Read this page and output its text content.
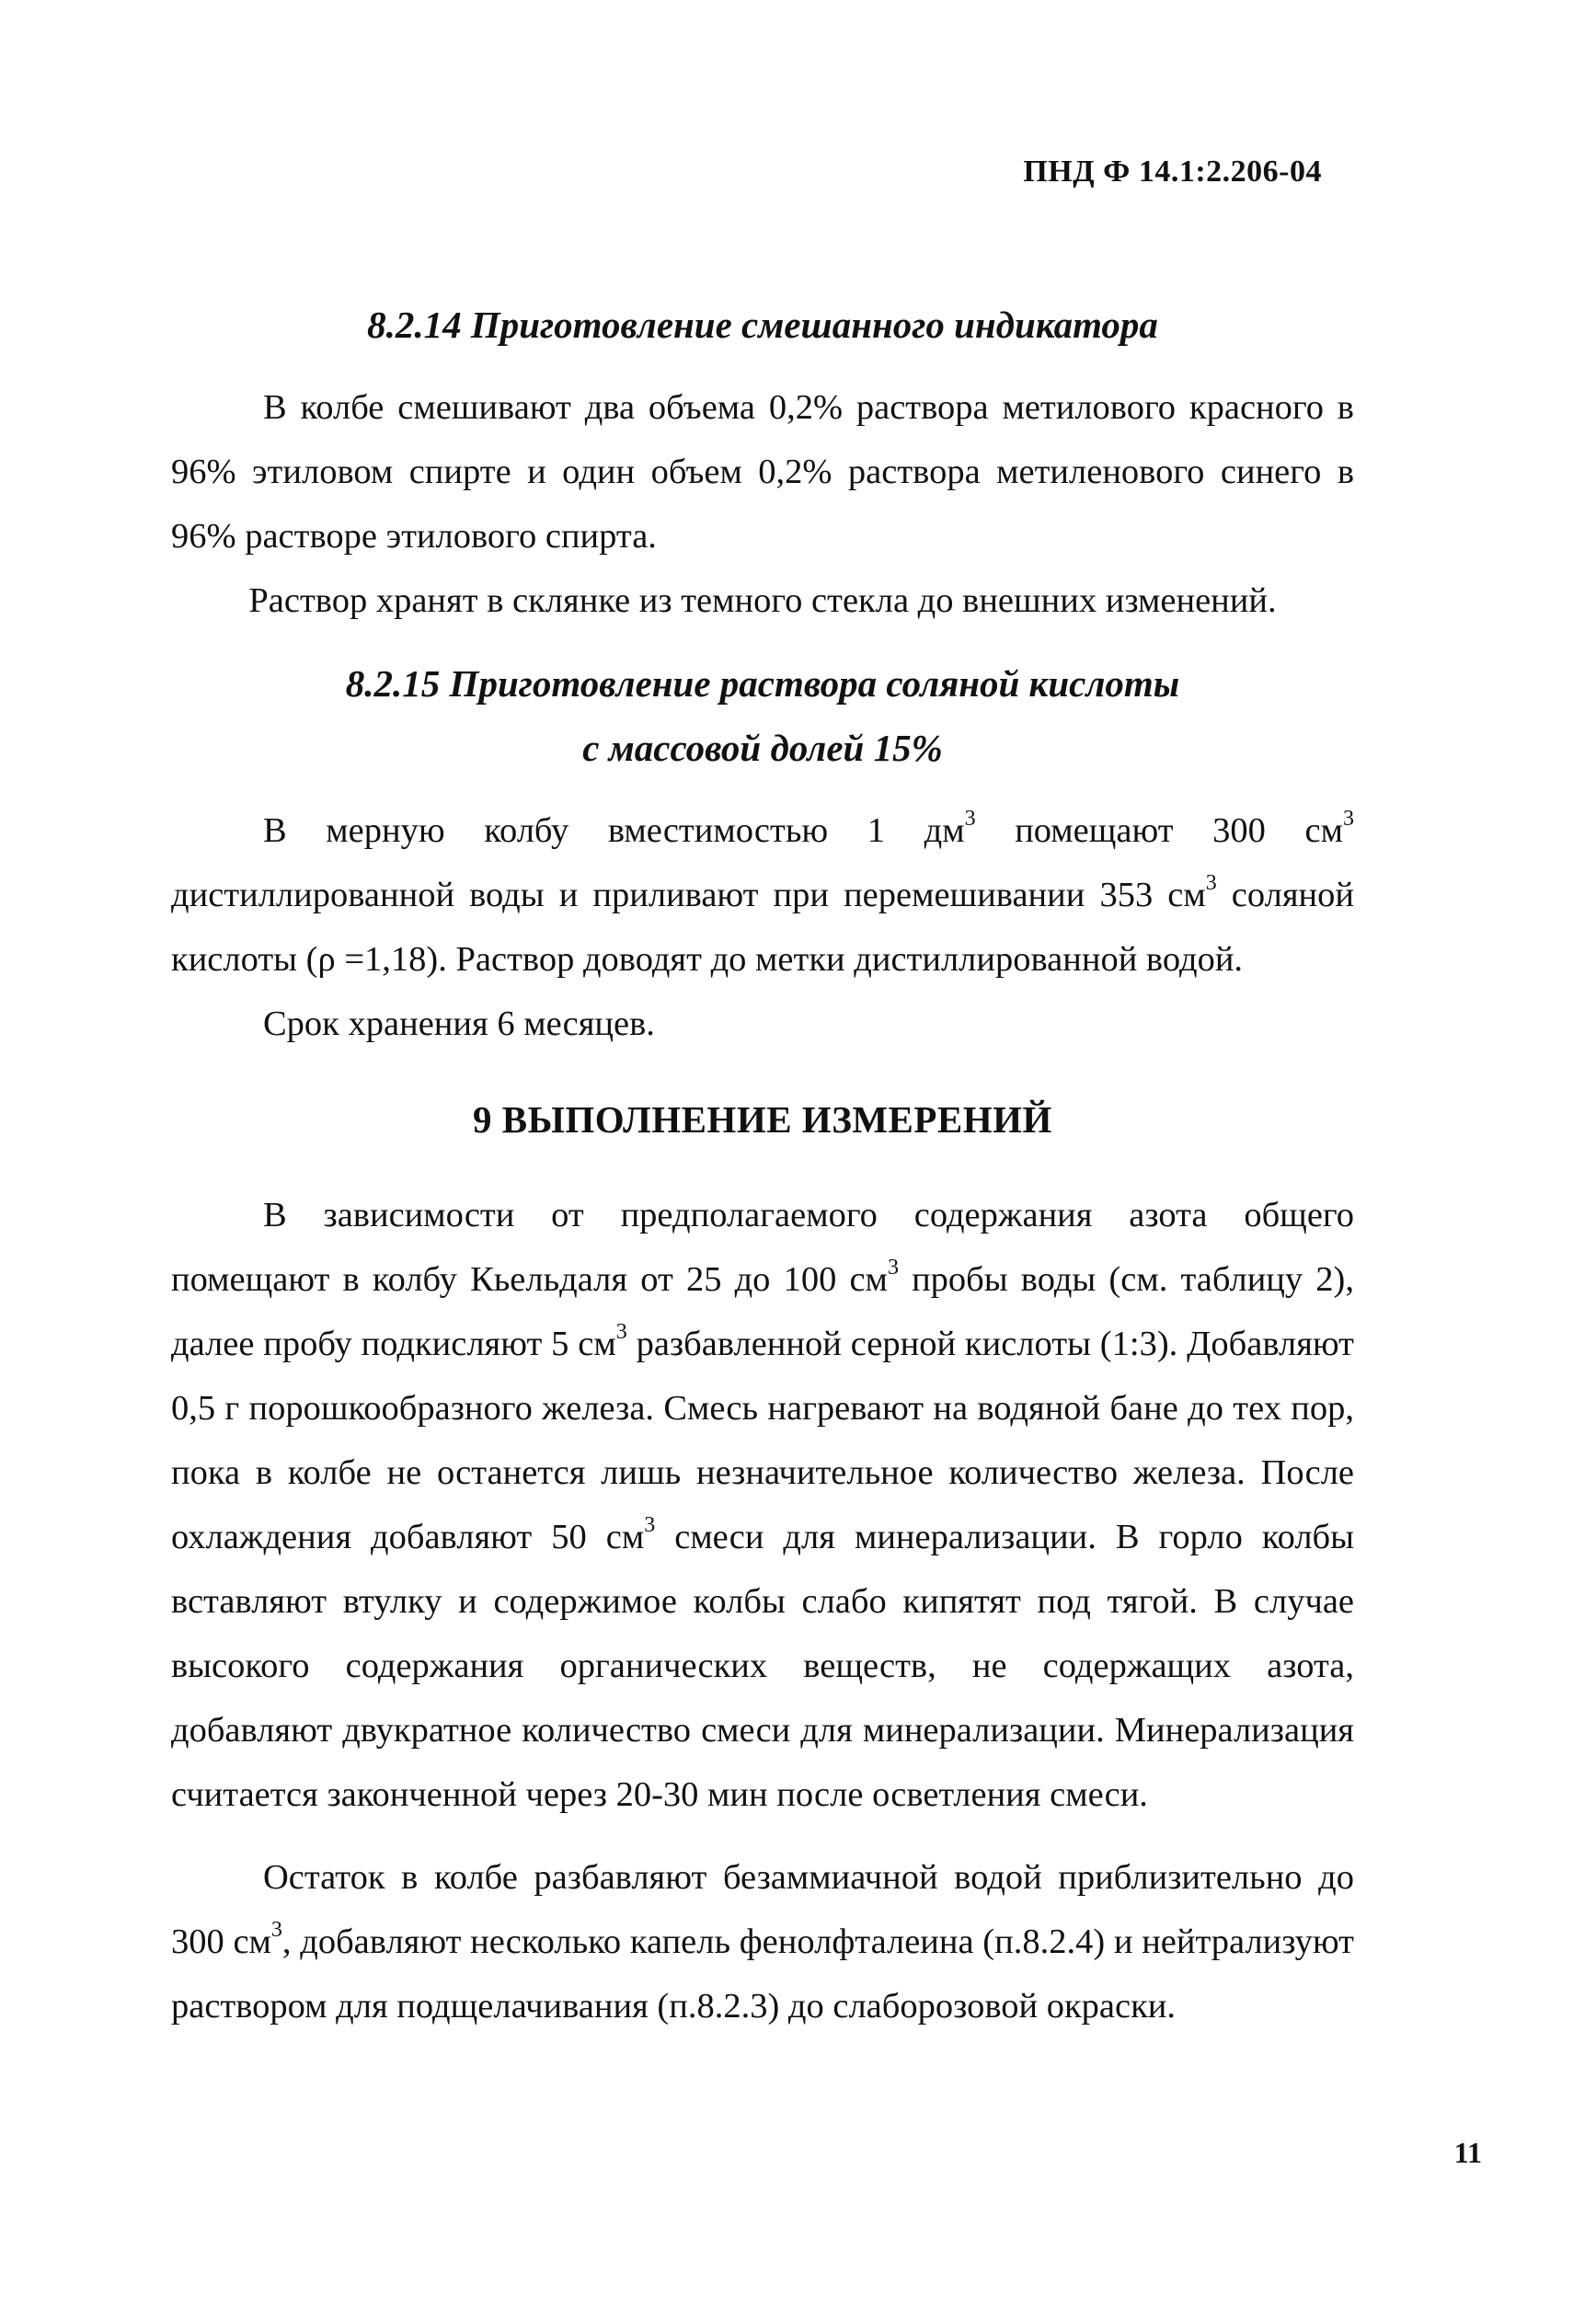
ПНД Ф 14.1:2.206-04
8.2.14 Приготовление смешанного индикатора

В колбе смешивают два объема 0,2% раствора метилового красного в 96% этиловом спирте и один объем 0,2% раствора метиленового синего в 96% растворе этилового спирта.

Раствор хранят в склянке из темного стекла до внешних изменений.

8.2.15 Приготовление раствора соляной кислоты
с массовой долей 15%

В мерную колбу вместимостью 1 $дм^3$ помещают 300 $см^3$ дистиллированной воды и приливают при перемешивании 353 $см^3$ соляной кислоты (ρ =1,18). Раствор доводят до метки дистиллированной водой.

Срок хранения 6 месяцев.

9 ВЫПОЛНЕНИЕ ИЗМЕРЕНИЙ

В зависимости от предполагаемого содержания азота общего помещают в колбу Кьельдаля от 25 до 100 $см^3$ пробы воды (см. таблицу 2), далее пробу подкисляют 5 $см^3$ разбавленной серной кислоты (1:3). Добавляют 0,5 г порошкообразного железа. Смесь нагревают на водяной бане до тех пор, пока в колбе не останется лишь незначительное количество железа. После охлаждения добавляют 50 $см^3$ смеси для минерализации. В горло колбы вставляют втулку и содержимое колбы слабо кипятят под тягой. В случае высокого содержания органических веществ, не содержащих азота, добавляют двукратное количество смеси для минерализации. Минерализация считается законченной через 20-30 мин после осветления смеси.

Остаток в колбе разбавляют безаммиачной водой приблизительно до 300 $см^3$, добавляют несколько капель фенолфталеина (п.8.2.4) и нейтрализуют раствором для подщелачивания (п.8.2.3) до слаборозовой окраски.

11
